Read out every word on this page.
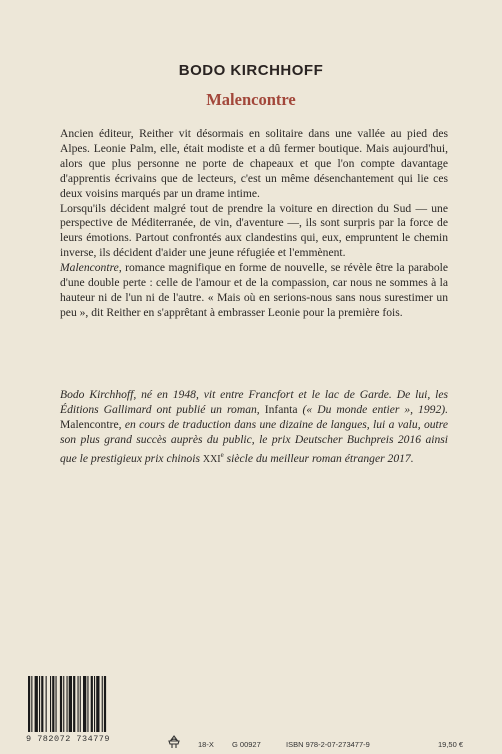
BODO KIRCHHOFF
Malencontre

Ancien éditeur, Reither vit désormais en solitaire dans une vallée au pied des Alpes. Leonie Palm, elle, était modiste et a dû fermer boutique. Mais aujourd'hui, alors que plus personne ne porte de chapeaux et que l'on compte davantage d'apprentis écrivains que de lecteurs, c'est un même désenchantement qui lie ces deux voisins marqués par un drame intime.

Lorsqu'ils décident malgré tout de prendre la voiture en direction du Sud — une perspective de Méditerranée, de vin, d'aventure —, ils sont surpris par la force de leurs émotions. Partout confrontés aux clandestins qui, eux, empruntent le chemin inverse, ils décident d'aider une jeune réfugiée et l'emmènent.

Malencontre, romance magnifique en forme de nouvelle, se révèle être la parabole d'une double perte : celle de l'amour et de la compassion, car nous ne sommes à la hauteur ni de l'un ni de l'autre. « Mais où en serions-nous sans nous surestimer un peu », dit Reither en s'apprêtant à embrasser Leonie pour la première fois.

Bodo Kirchhoff, né en 1948, vit entre Francfort et le lac de Garde. De lui, les Éditions Gallimard ont publié un roman, Infanta (« Du monde entier », 1992). Malencontre, en cours de traduction dans une dizaine de langues, lui a valu, outre son plus grand succès auprès du public, le prix Deutscher Buchpreis 2016 ainsi que le prestigieux prix chinois XXIe siècle du meilleur roman étranger 2017.
9 782072 734779
18-X G 00927	ISBN 978-2-07-273477-9	19,50 €
